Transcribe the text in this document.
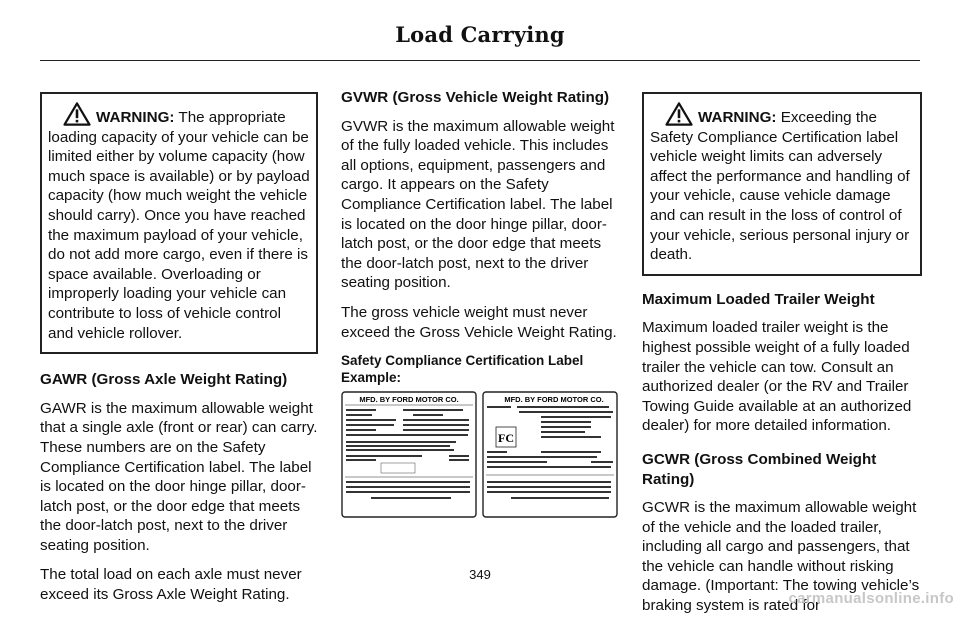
Load Carrying
WARNING: The appropriate loading capacity of your vehicle can be limited either by volume capacity (how much space is available) or by payload capacity (how much weight the vehicle should carry). Once you have reached the maximum payload of your vehicle, do not add more cargo, even if there is space available. Overloading or improperly loading your vehicle can contribute to loss of vehicle control and vehicle rollover.
GAWR (Gross Axle Weight Rating)

GAWR is the maximum allowable weight that a single axle (front or rear) can carry. These numbers are on the Safety Compliance Certification label. The label is located on the door hinge pillar, door-latch post, or the door edge that meets the door-latch post, next to the driver seating position.

The total load on each axle must never exceed its Gross Axle Weight Rating.

GVWR (Gross Vehicle Weight Rating)

GVWR is the maximum allowable weight of the fully loaded vehicle. This includes all options, equipment, passengers and cargo. It appears on the Safety Compliance Certification label. The label is located on the door hinge pillar, door-latch post, or the door edge that meets the door-latch post, next to the driver seating position.

The gross vehicle weight must never exceed the Gross Vehicle Weight Rating.

Safety Compliance Certification Label Example:
MFD. BY FORD MOTOR CO.	MFD. BY FORD MOTOR CO.
FC
WARNING: Exceeding the Safety Compliance Certification label vehicle weight limits can adversely affect the performance and handling of your vehicle, cause vehicle damage and can result in the loss of control of your vehicle, serious personal injury or death.
Maximum Loaded Trailer Weight

Maximum loaded trailer weight is the highest possible weight of a fully loaded trailer the vehicle can tow. Consult an authorized dealer (or the RV and Trailer Towing Guide available at an authorized dealer) for more detailed information.

GCWR (Gross Combined Weight Rating)

GCWR is the maximum allowable weight of the vehicle and the loaded trailer, including all cargo and passengers, that the vehicle can handle without risking damage. (Important: The towing vehicle’s braking system is rated for

349
carmanualsonline.info
